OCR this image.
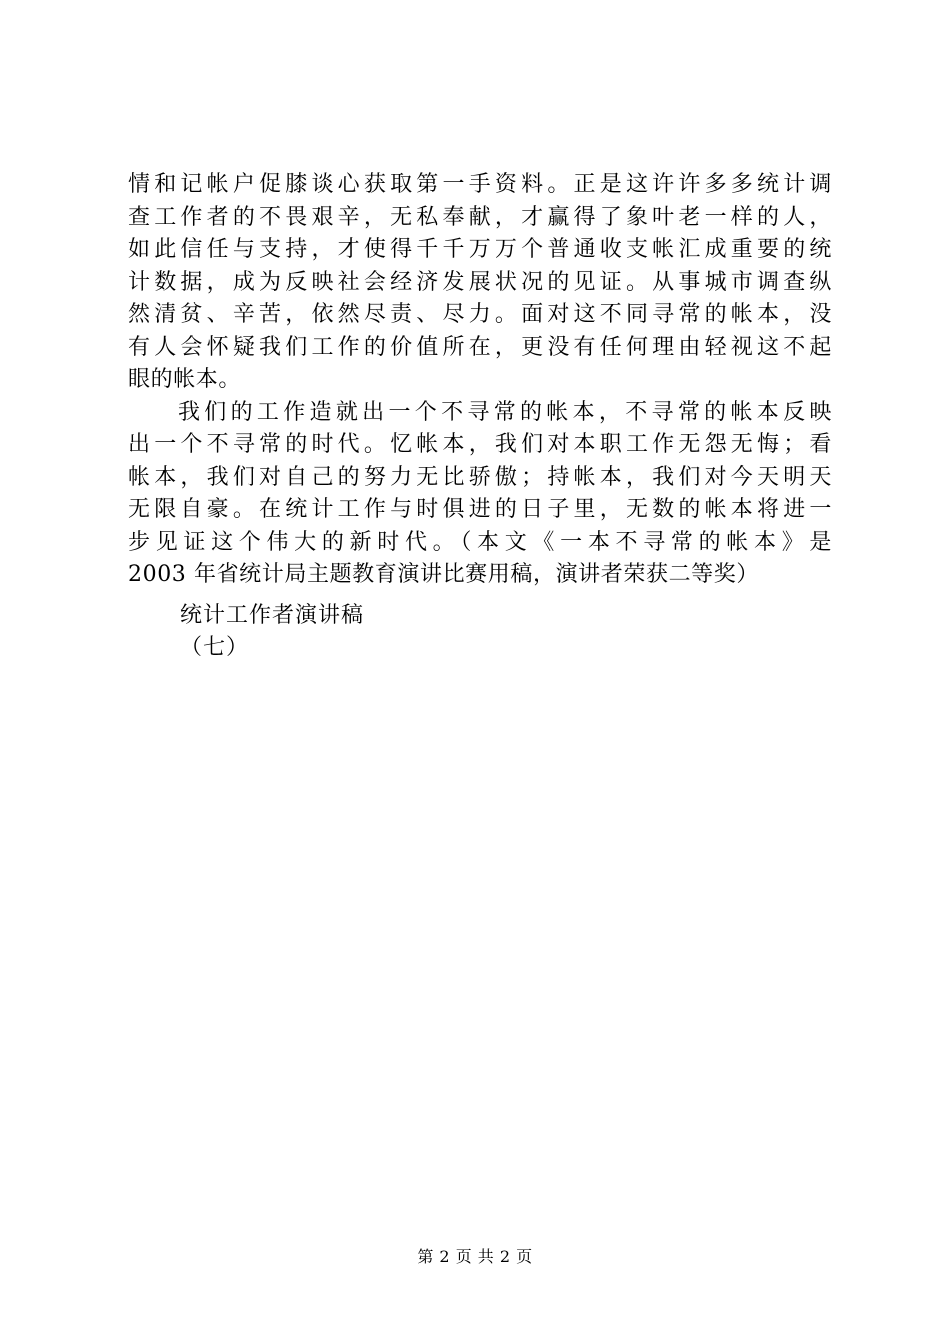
情和记帐户促膝谈心获取第一手资料。正是这许许多多统计调
查工作者的不畏艰辛，无私奉献，才赢得了象叶老一样的人，
如此信任与支持，才使得千千万万个普通收支帐汇成重要的统
计数据，成为反映社会经济发展状况的见证。从事城市调查纵
然清贫、辛苦，依然尽责、尽力。面对这不同寻常的帐本，没
有人会怀疑我们工作的价值所在，更没有任何理由轻视这不起
眼的帐本。
我们的工作造就出一个不寻常的帐本，不寻常的帐本反映
出一个不寻常的时代。忆帐本，我们对本职工作无怨无悔；看
帐本，我们对自己的努力无比骄傲；持帐本，我们对今天明天
无限自豪。在统计工作与时俱进的日子里，无数的帐本将进一
步见证这个伟大的新时代。（本文《一本不寻常的帐本》是
2003 年省统计局主题教育演讲比赛用稿，演讲者荣获二等奖）
统计工作者演讲稿
（七）
第 2 页 共 2 页
